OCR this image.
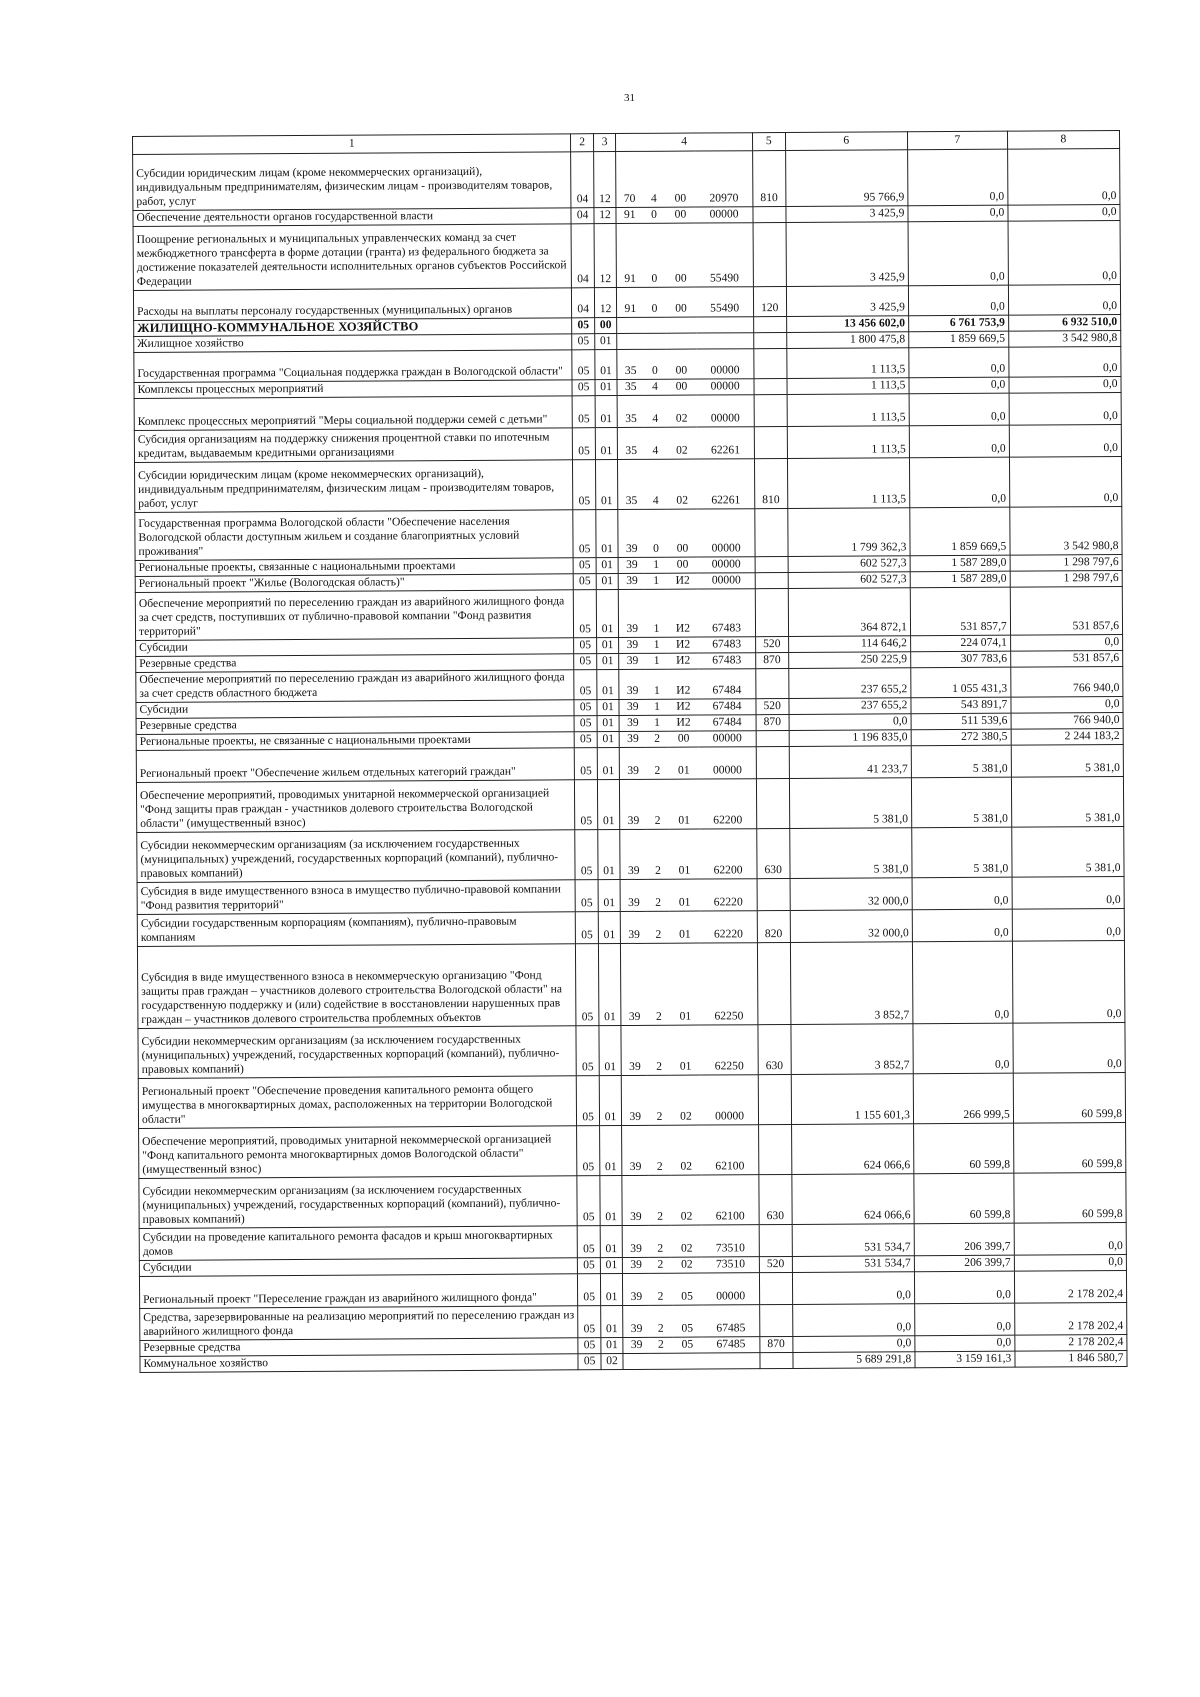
31
1	2	3	4				5	6	7	8
Субсидии юридическим лицам (кроме некоммерческих организаций), индивидуальным предпринимателям, физическим лицам - производителям товаров, работ, услуг	04	12	70	4	00	20970	810	95 766,9	0,0	0,0
Обеспечение деятельности органов государственной власти	04	12	91	0	00	00000		3 425,9	0,0	0,0
Поощрение региональных и муниципальных управленческих команд за счет межбюджетного трансферта в форме дотации (гранта) из федерального бюджета за достижение показателей деятельности исполнительных органов субъектов Российской Федерации	04	12	91	0	00	55490		3 425,9	0,0	0,0
Расходы на выплаты персоналу государственных (муниципальных) органов	04	12	91	0	00	55490	120	3 425,9	0,0	0,0
ЖИЛИЩНО-КОММУНАЛЬНОЕ ХОЗЯЙСТВО	05	00						13 456 602,0	6 761 753,9	6 932 510,0
Жилищное хозяйство	05	01						1 800 475,8	1 859 669,5	3 542 980,8
Государственная программа "Социальная поддержка граждан в Вологодской области"	05	01	35	0	00	00000		1 113,5	0,0	0,0
Комплексы процессных мероприятий	05	01	35	4	00	00000		1 113,5	0,0	0,0
Комплекс процессных мероприятий "Меры социальной поддержи семей с детьми"	05	01	35	4	02	00000		1 113,5	0,0	0,0
Субсидия организациям на поддержку снижения процентной ставки по ипотечным кредитам, выдаваемым кредитными организациями	05	01	35	4	02	62261		1 113,5	0,0	0,0
Субсидии юридическим лицам (кроме некоммерческих организаций), индивидуальным предпринимателям, физическим лицам - производителям товаров, работ, услуг	05	01	35	4	02	62261	810	1 113,5	0,0	0,0
Государственная программа Вологодской области "Обеспечение населения Вологодской области доступным жильем и создание благоприятных условий проживания"	05	01	39	0	00	00000		1 799 362,3	1 859 669,5	3 542 980,8
Региональные проекты, связанные с национальными проектами	05	01	39	1	00	00000		602 527,3	1 587 289,0	1 298 797,6
Региональный проект "Жилье (Вологодская область)"	05	01	39	1	И2	00000		602 527,3	1 587 289,0	1 298 797,6
Обеспечение мероприятий по переселению граждан из аварийного жилищного фонда за счет средств, поступивших от публично-правовой компании "Фонд развития территорий"	05	01	39	1	И2	67483		364 872,1	531 857,7	531 857,6
Субсидии	05	01	39	1	И2	67483	520	114 646,2	224 074,1	0,0
Резервные средства	05	01	39	1	И2	67483	870	250 225,9	307 783,6	531 857,6
Обеспечение мероприятий по переселению граждан из аварийного жилищного фонда за счет средств областного бюджета	05	01	39	1	И2	67484		237 655,2	1 055 431,3	766 940,0
Субсидии	05	01	39	1	И2	67484	520	237 655,2	543 891,7	0,0
Резервные средства	05	01	39	1	И2	67484	870	0,0	511 539,6	766 940,0
Региональные проекты, не связанные с национальными проектами	05	01	39	2	00	00000		1 196 835,0	272 380,5	2 244 183,2
Региональный проект "Обеспечение жильем отдельных категорий граждан"	05	01	39	2	01	00000		41 233,7	5 381,0	5 381,0
Обеспечение мероприятий, проводимых унитарной некоммерческой организацией "Фонд защиты прав граждан - участников долевого строительства Вологодской области" (имущественный взнос)	05	01	39	2	01	62200		5 381,0	5 381,0	5 381,0
Субсидии некоммерческим организациям (за исключением государственных (муниципальных) учреждений, государственных корпораций (компаний), публично-правовых компаний)	05	01	39	2	01	62200	630	5 381,0	5 381,0	5 381,0
Субсидия в виде имущественного взноса в имущество публично-правовой компании "Фонд развития территорий"	05	01	39	2	01	62220		32 000,0	0,0	0,0
Субсидии государственным корпорациям (компаниям), публично-правовым компаниям	05	01	39	2	01	62220	820	32 000,0	0,0	0,0
Субсидия в виде имущественного взноса в некоммерческую организацию "Фонд защиты прав граждан – участников долевого строительства Вологодской области" на государственную поддержку и (или) содействие в восстановлении нарушенных прав граждан – участников долевого строительства проблемных объектов	05	01	39	2	01	62250		3 852,7	0,0	0,0
Субсидии некоммерческим организациям (за исключением государственных (муниципальных) учреждений, государственных корпораций (компаний), публично-правовых компаний)	05	01	39	2	01	62250	630	3 852,7	0,0	0,0
Региональный проект "Обеспечение проведения капитального ремонта общего имущества в многоквартирных домах, расположенных на территории Вологодской области"	05	01	39	2	02	00000		1 155 601,3	266 999,5	60 599,8
Обеспечение мероприятий, проводимых унитарной некоммерческой организацией "Фонд капитального ремонта многоквартирных домов Вологодской области" (имущественный взнос)	05	01	39	2	02	62100		624 066,6	60 599,8	60 599,8
Субсидии некоммерческим организациям (за исключением государственных (муниципальных) учреждений, государственных корпораций (компаний), публично-правовых компаний)	05	01	39	2	02	62100	630	624 066,6	60 599,8	60 599,8
Субсидии на проведение капитального ремонта фасадов и крыш многоквартирных домов	05	01	39	2	02	73510		531 534,7	206 399,7	0,0
Субсидии	05	01	39	2	02	73510	520	531 534,7	206 399,7	0,0
Региональный проект "Переселение граждан из аварийного жилищного фонда"	05	01	39	2	05	00000		0,0	0,0	2 178 202,4
Средства, зарезервированные на реализацию мероприятий по переселению граждан из аварийного жилищного фонда	05	01	39	2	05	67485		0,0	0,0	2 178 202,4
Резервные средства	05	01	39	2	05	67485	870	0,0	0,0	2 178 202,4
Коммунальное хозяйство	05	02						5 689 291,8	3 159 161,3	1 846 580,7
